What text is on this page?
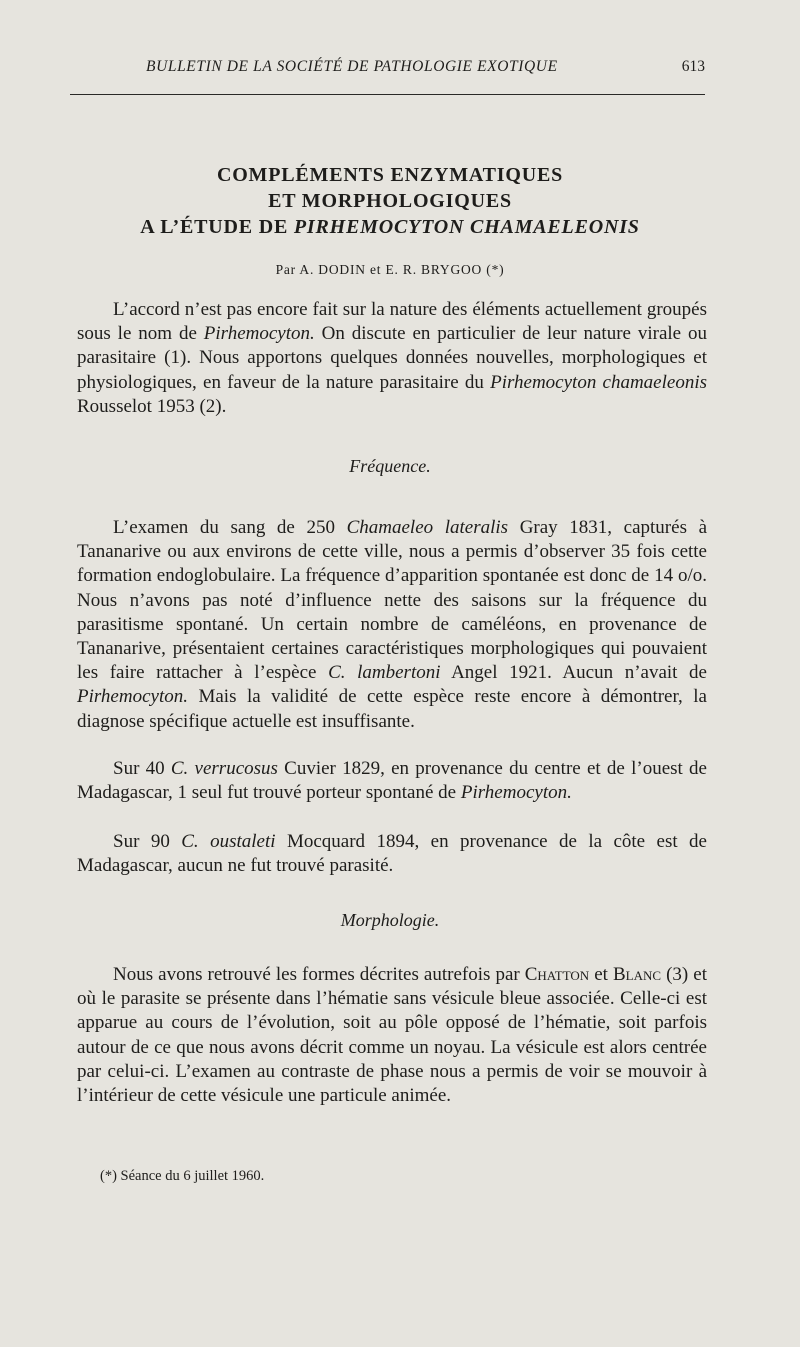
BULLETIN DE LA SOCIÉTÉ DE PATHOLOGIE EXOTIQUE	613
COMPLÉMENTS ENZYMATIQUES
ET MORPHOLOGIQUES
A L’ÉTUDE DE PIRHEMOCYTON CHAMAELEONIS
Par A. DODIN et E. R. BRYGOO (*)

L’accord n’est pas encore fait sur la nature des éléments actuellement groupés sous le nom de Pirhemocyton. On discute en particulier de leur nature virale ou parasitaire (1). Nous apportons quelques données nouvelles, morphologiques et physiologiques, en faveur de la nature parasitaire du Pirhemocyton chamaeleonis Rousselot 1953 (2).

Fréquence.

L’examen du sang de 250 Chamaeleo lateralis Gray 1831, capturés à Tananarive ou aux environs de cette ville, nous a permis d’observer 35 fois cette formation endoglobulaire. La fréquence d’apparition spontanée est donc de 14 o/o. Nous n’avons pas noté d’influence nette des saisons sur la fréquence du parasitisme spontané. Un certain nombre de caméléons, en provenance de Tananarive, présentaient certaines caractéristiques morphologiques qui pouvaient les faire rattacher à l’espèce C. lambertoni Angel 1921. Aucun n’avait de Pirhemocyton. Mais la validité de cette espèce reste encore à démontrer, la diagnose spécifique actuelle est insuffisante.

Sur 40 C. verrucosus Cuvier 1829, en provenance du centre et de l’ouest de Madagascar, 1 seul fut trouvé porteur spontané de Pirhemocyton.

Sur 90 C. oustaleti Mocquard 1894, en provenance de la côte est de Madagascar, aucun ne fut trouvé parasité.

Morphologie.

Nous avons retrouvé les formes décrites autrefois par Chatton et Blanc (3) et où le parasite se présente dans l’hématie sans vésicule bleue associée. Celle-ci est apparue au cours de l’évolution, soit au pôle opposé de l’hématie, soit parfois autour de ce que nous avons décrit comme un noyau. La vésicule est alors centrée par celui-ci. L’examen au contraste de phase nous a permis de voir se mouvoir à l’intérieur de cette vésicule une particule animée.

(*) Séance du 6 juillet 1960.
